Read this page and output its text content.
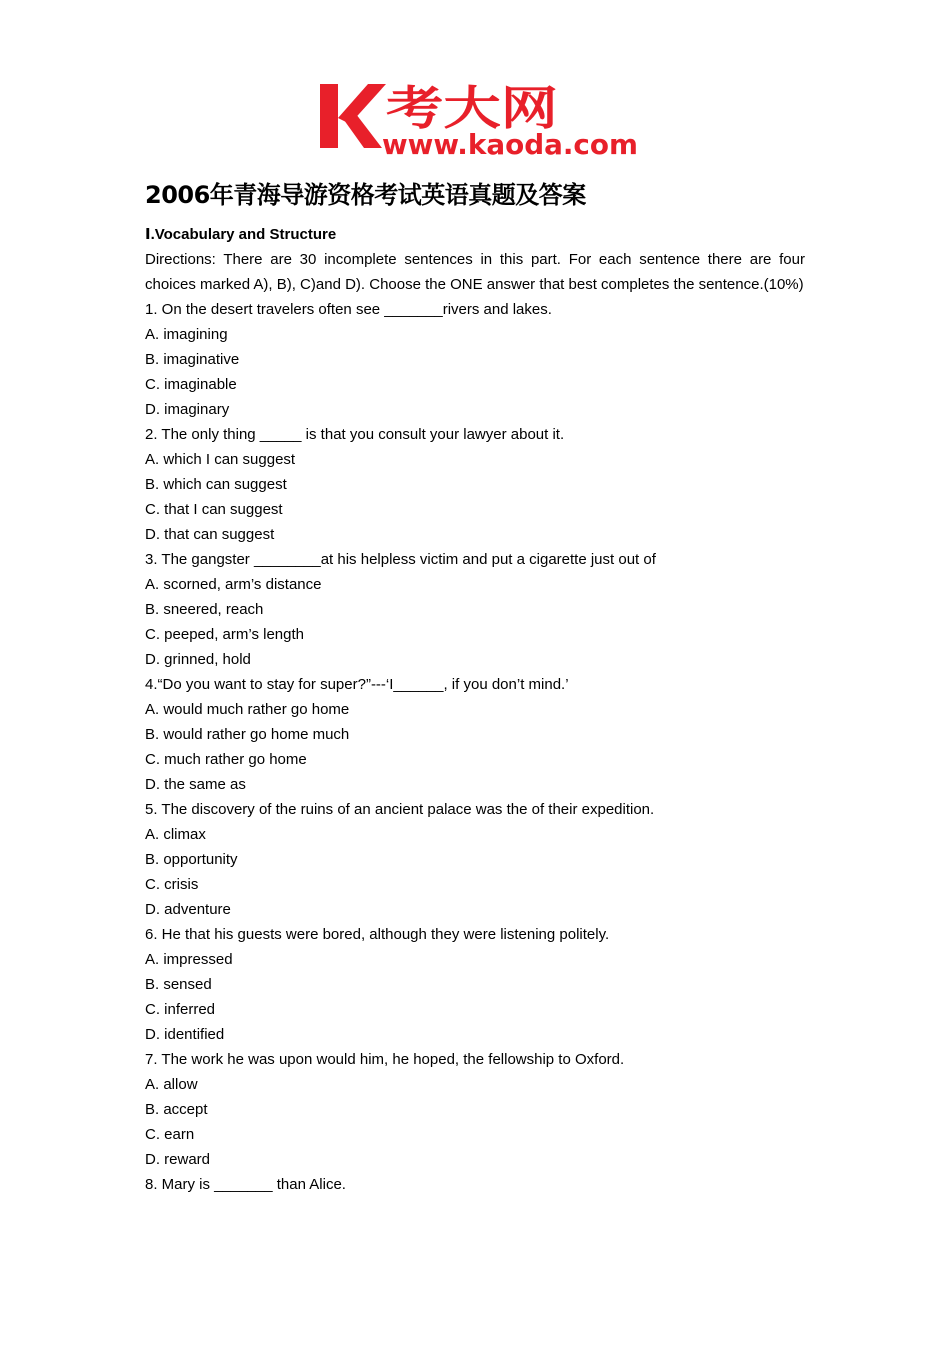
考大网
www.kaoda.com
2006年青海导游资格考试英语真题及答案
Ⅰ.Vocabulary and Structure
Directions: There are 30 incomplete sentences in this part. For each sentence there are four choices marked A), B), C)and D). Choose the ONE answer that best completes the sentence.(10%)
1. On the desert travelers often see _______rivers and lakes.
A. imagining
B. imaginative
C. imaginable
D. imaginary
2. The only thing _____ is that you consult your lawyer about it.
A. which I can suggest
B. which can suggest
C. that I can suggest
D. that can suggest
3. The gangster ________at his helpless victim and put a cigarette just out of
A. scorned, arm’s distance
B. sneered, reach
C. peeped, arm’s length
D. grinned, hold
4.“Do you want to stay for super?”---‘I______, if you don’t mind.’
A. would much rather go home
B. would rather go home much
C. much rather go home
D. the same as
5. The discovery of the ruins of an ancient palace was the of their expedition.
A. climax
B. opportunity
C. crisis
D. adventure
6. He that his guests were bored, although they were listening politely.
A. impressed
B. sensed
C. inferred
D. identified
7. The work he was upon would him, he hoped, the fellowship to Oxford.
A. allow
B. accept
C. earn
D. reward
8. Mary is _______ than Alice.
